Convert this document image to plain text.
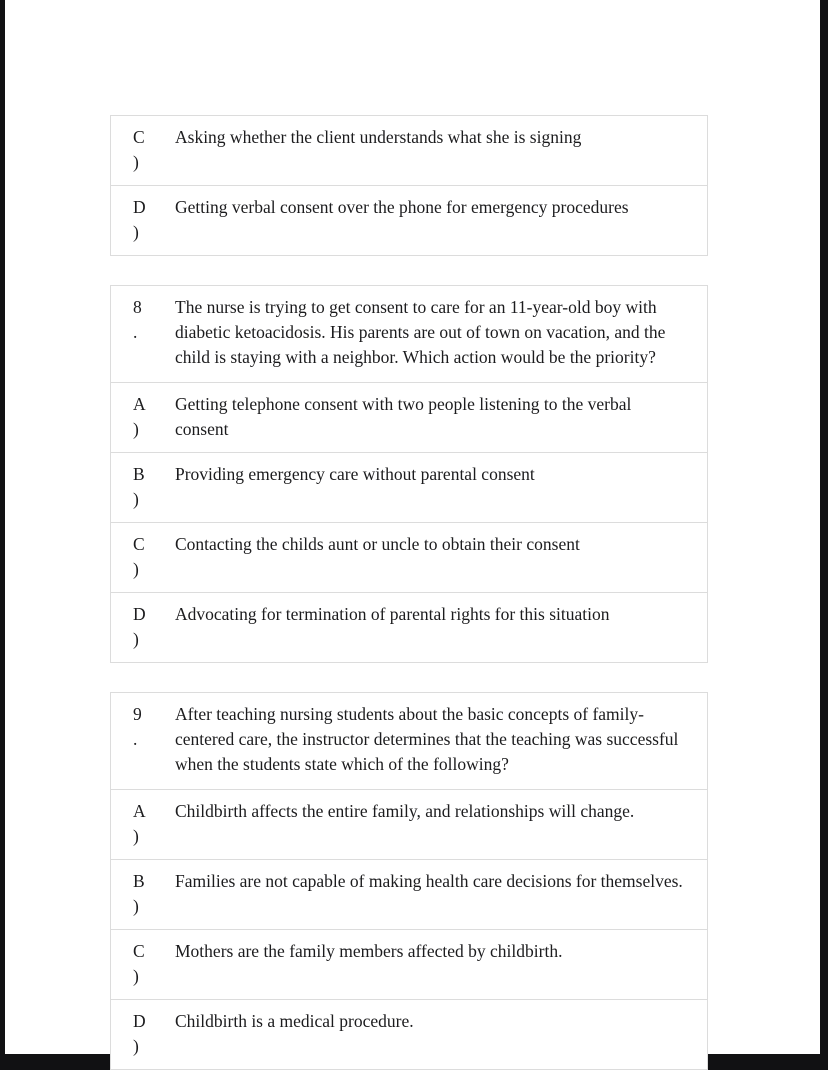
C
)	Asking whether the client understands what she is signing

D
)	Getting verbal consent over the phone for emergency procedures
8
.	The nurse is trying to get consent to care for an 11-year-old boy with diabetic ketoacidosis. His parents are out of town on vacation, and the child is staying with a neighbor. Which action would be the priority?

A
)	Getting telephone consent with two people listening to the verbal consent

B
)	Providing emergency care without parental consent

C
)	Contacting the childs aunt or uncle to obtain their consent

D
)	Advocating for termination of parental rights for this situation
9
.	After teaching nursing students about the basic concepts of family-centered care, the instructor determines that the teaching was successful when the students state which of the following?

A
)	Childbirth affects the entire family, and relationships will change.

B
)	Families are not capable of making health care decisions for themselves.

C
)	Mothers are the family members affected by childbirth.

D
)	Childbirth is a medical procedure.
